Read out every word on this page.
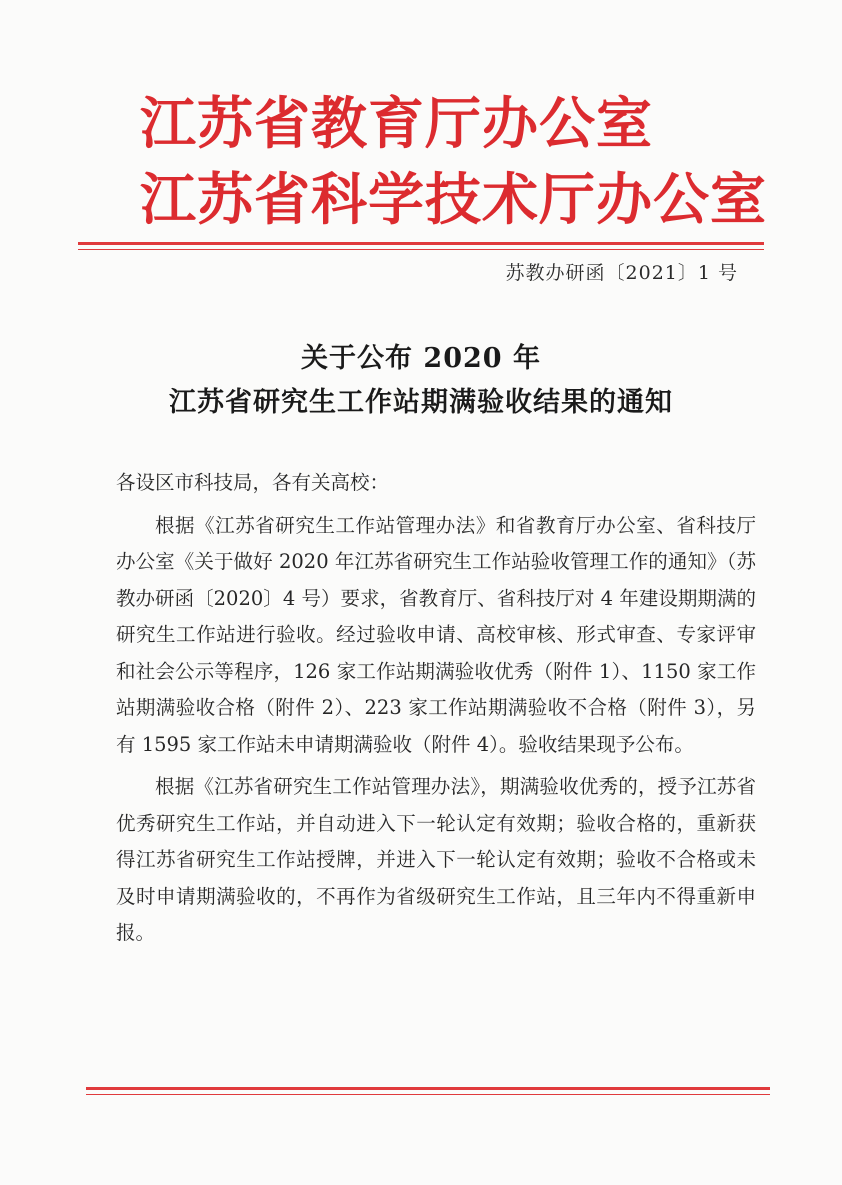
江苏省教育厅办公室
江苏省科学技术厅办公室
苏教办研函〔2021〕1 号
关于公布 2020 年
江苏省研究生工作站期满验收结果的通知

各设区市科技局，各有关高校：

根据《江苏省研究生工作站管理办法》和省教育厅办公室、省科技厅办公室《关于做好 2020 年江苏省研究生工作站验收管理工作的通知》（苏教办研函〔2020〕4 号）要求，省教育厅、省科技厅对 4 年建设期期满的研究生工作站进行验收。经过验收申请、高校审核、形式审查、专家评审和社会公示等程序，126 家工作站期满验收优秀（附件 1）、1150 家工作站期满验收合格（附件 2）、223 家工作站期满验收不合格（附件 3），另有 1595 家工作站未申请期满验收（附件 4）。验收结果现予公布。

根据《江苏省研究生工作站管理办法》，期满验收优秀的，授予江苏省优秀研究生工作站，并自动进入下一轮认定有效期；验收合格的，重新获得江苏省研究生工作站授牌，并进入下一轮认定有效期；验收不合格或未及时申请期满验收的，不再作为省级研究生工作站，且三年内不得重新申报。
